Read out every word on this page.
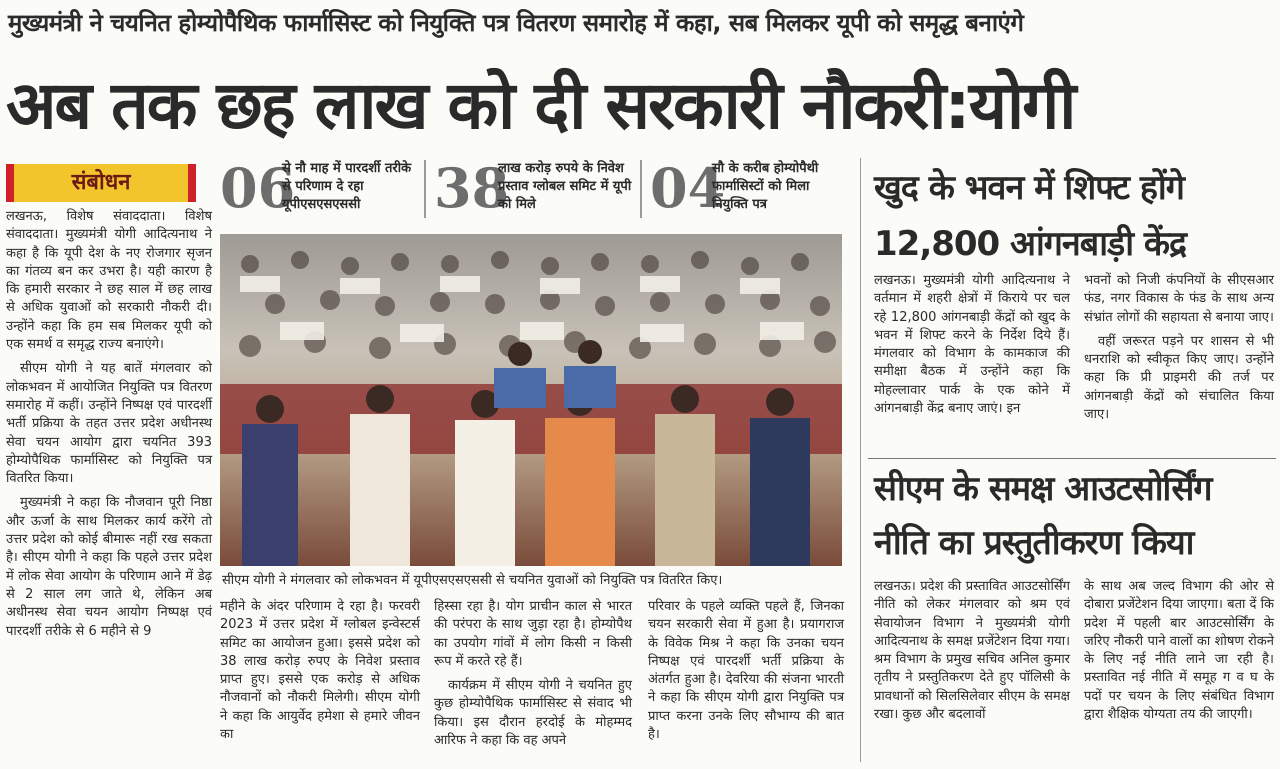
मुख्यमंत्री ने चयनित होम्योपैथिक फार्मासिस्ट को नियुक्ति पत्र वितरण समारोह में कहा, सब मिलकर यूपी को समृद्ध बनाएंगे
अब तक छह लाख को दी सरकारी नौकरी:योगी
संबोधन	06
से नौ माह में पारदर्शी तरीके से परिणाम दे रहा यूपीएसएसएससी	38
लाख करोड़ रुपये के निवेश प्रस्ताव ग्लोबल समिट में यूपी को मिले	04
सौ के करीब होम्योपैथी फार्मासिस्टों को मिला नियुक्ति पत्र
सीएम योगी ने मंगलवार को लोकभवन में यूपीएसएसएससी से चयनित युवाओं को नियुक्ति पत्र वितरित किए।

लखनऊ, विशेष संवाददाता। विशेष संवाददाता। मुख्यमंत्री योगी आदित्यनाथ ने कहा है कि यूपी देश के नए रोजगार सृजन का गंतव्य बन कर उभरा है। यही कारण है कि हमारी सरकार ने छह साल में छह लाख से अधिक युवाओं को सरकारी नौकरी दी। उन्होंने कहा कि हम सब मिलकर यूपी को एक समर्थ व समृद्ध राज्य बनाएंगे।

सीएम योगी ने यह बातें मंगलवार को लोकभवन में आयोजित नियुक्ति पत्र वितरण समारोह में कहीं। उन्होंने निष्पक्ष एवं पारदर्शी भर्ती प्रक्रिया के तहत उत्तर प्रदेश अधीनस्थ सेवा चयन आयोग द्वारा चयनित 393 होम्योपैथिक फार्मासिस्ट को नियुक्ति पत्र वितरित किया।

मुख्यमंत्री ने कहा कि नौजवान पूरी निष्ठा और ऊर्जा के साथ मिलकर कार्य करेंगे तो उत्तर प्रदेश को कोई बीमारू नहीं रख सकता है। सीएम योगी ने कहा कि पहले उत्तर प्रदेश में लोक सेवा आयोग के परिणाम आने में डेढ़ से 2 साल लग जाते थे, लेकिन अब अधीनस्थ सेवा चयन आयोग निष्पक्ष एवं पारदर्शी तरीके से 6 महीने से 9

महीने के अंदर परिणाम दे रहा है। फरवरी 2023 में उत्तर प्रदेश में ग्लोबल इन्वेस्टर्स समिट का आयोजन हुआ। इससे प्रदेश को 38 लाख करोड़ रुपए के निवेश प्रस्ताव प्राप्त हुए। इससे एक करोड़ से अधिक नौजवानों को नौकरी मिलेगी। सीएम योगी ने कहा कि आयुर्वेद हमेशा से हमारे जीवन का

हिस्सा रहा है। योग प्राचीन काल से भारत की परंपरा के साथ जुड़ा रहा है। होम्योपैथ का उपयोग गांवों में लोग किसी न किसी रूप में करते रहे हैं।

कार्यक्रम में सीएम योगी ने चयनित हुए कुछ होम्योपैथिक फार्मासिस्ट से संवाद भी किया। इस दौरान हरदोई के मोहम्मद आरिफ ने कहा कि वह अपने

परिवार के पहले व्यक्ति पहले हैं, जिनका चयन सरकारी सेवा में हुआ है। प्रयागराज के विवेक मिश्र ने कहा कि उनका चयन निष्पक्ष एवं पारदर्शी भर्ती प्रक्रिया के अंतर्गत हुआ है। देवरिया की संजना भारती ने कहा कि सीएम योगी द्वारा नियुक्ति पत्र प्राप्त करना उनके लिए सौभाग्य की बात है।

खुद के भवन में शिफ्ट होंगे 12,800 आंगनबाड़ी केंद्र

लखनऊ। मुख्यमंत्री योगी आदित्यनाथ ने वर्तमान में शहरी क्षेत्रों में किराये पर चल रहे 12,800 आंगनबाड़ी केंद्रों को खुद के भवन में शिफ्ट करने के निर्देश दिये हैं। मंगलवार को विभाग के कामकाज की समीक्षा बैठक में उन्होंने कहा कि मोहल्लावार पार्क के एक कोने में आंगनबाड़ी केंद्र बनाए जाएं। इन

भवनों को निजी कंपनियों के सीएसआर फंड, नगर विकास के फंड के साथ अन्य संभ्रांत लोगों की सहायता से बनाया जाए।

वहीं जरूरत पड़ने पर शासन से भी धनराशि को स्वीकृत किए जाए। उन्होंने कहा कि प्री प्राइमरी की तर्ज पर आंगनबाड़ी केंद्रों को संचालित किया जाए।

सीएम के समक्ष आउटसोर्सिंग नीति का प्रस्तुतीकरण किया

लखनऊ। प्रदेश की प्रस्तावित आउटसोर्सिंग नीति को लेकर मंगलवार को श्रम एवं सेवायोजन विभाग ने मुख्यमंत्री योगी आदित्यनाथ के समक्ष प्रजेंटेशन दिया गया। श्रम विभाग के प्रमुख सचिव अनिल कुमार तृतीय ने प्रस्तुतिकरण देते हुए पॉलिसी के प्रावधानों को सिलसिलेवार सीएम के समक्ष रखा। कुछ और बदलावों

के साथ अब जल्द विभाग की ओर से दोबारा प्रजेंटेशन दिया जाएगा। बता दें कि प्रदेश में पहली बार आउटसोर्सिंग के जरिए नौकरी पाने वालों का शोषण रोकने के लिए नई नीति लाने जा रही है। प्रस्तावित नई नीति में समूह ग व घ के पदों पर चयन के लिए संबंधित विभाग द्वारा शैक्षिक योग्यता तय की जाएगी।
